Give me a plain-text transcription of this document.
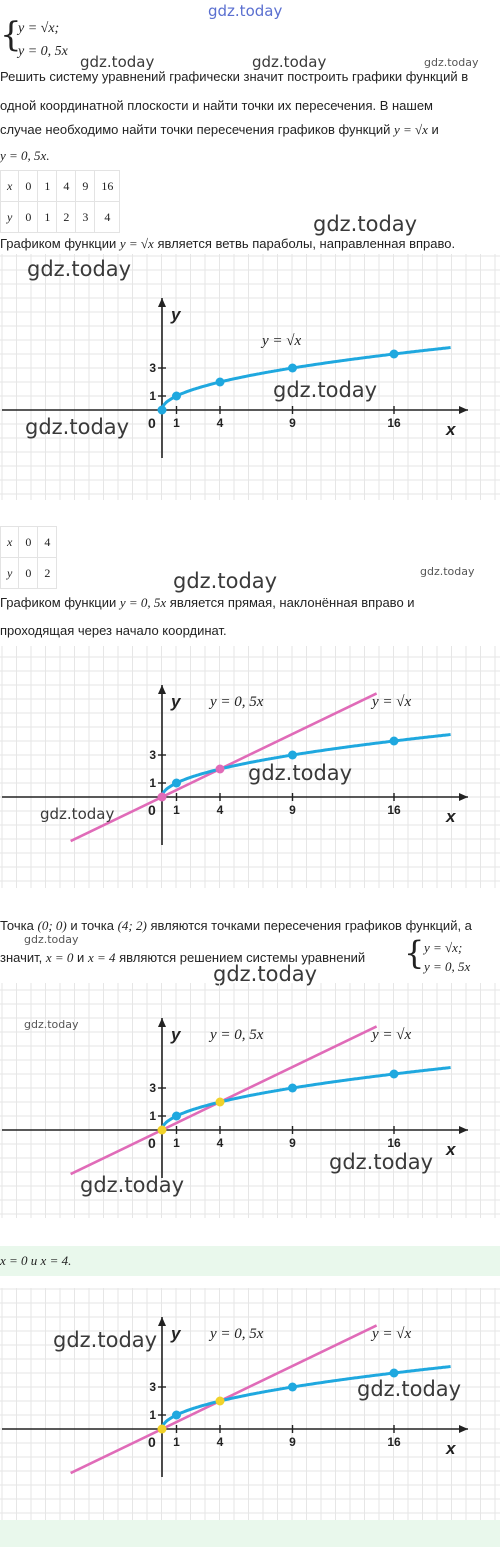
gdz.today
{
y = √x;
y = 0, 5x
gdz.today	gdz.today	gdz.today
Решить систему уравнений графически значит построить графики функций в
одной координатной плоскости и найти точки их пересечения. В нашем
случае необходимо найти точки пересечения графиков функций y = √x и
y = 0, 5x.
x	0	1	4	9	16
y	0	1	2	3	4	gdz.today
Графиком функции y = √x является ветвь параболы, направленная вправо.
1	4	9	16
1
3
0
y
x
y = √x
gdz.today
gdz.today
gdz.today
x	0	4
y	0	2	gdz.today	gdz.today
Графиком функции y = 0, 5x является прямая, наклонённая вправо и
проходящая через начало координат.
1	4	9	16
1
3
0
y
x
y = 0, 5x	y = √x
gdz.today
gdz.today
Точка (0; 0) и точка (4; 2) являются точками пересечения графиков функций, а
gdz.today
значит, x = 0 и x = 4 являются решением системы уравнений { y = √x;
y = 0, 5x
gdz.today
1	4	9	16
1
3
0
y
x
y = 0, 5x	y = √x
gdz.today
gdz.today
gdz.today
x = 0 и x = 4.
1	4	9	16
1
3
0
y
x
y = 0, 5x	y = √x
gdz.today
gdz.today
